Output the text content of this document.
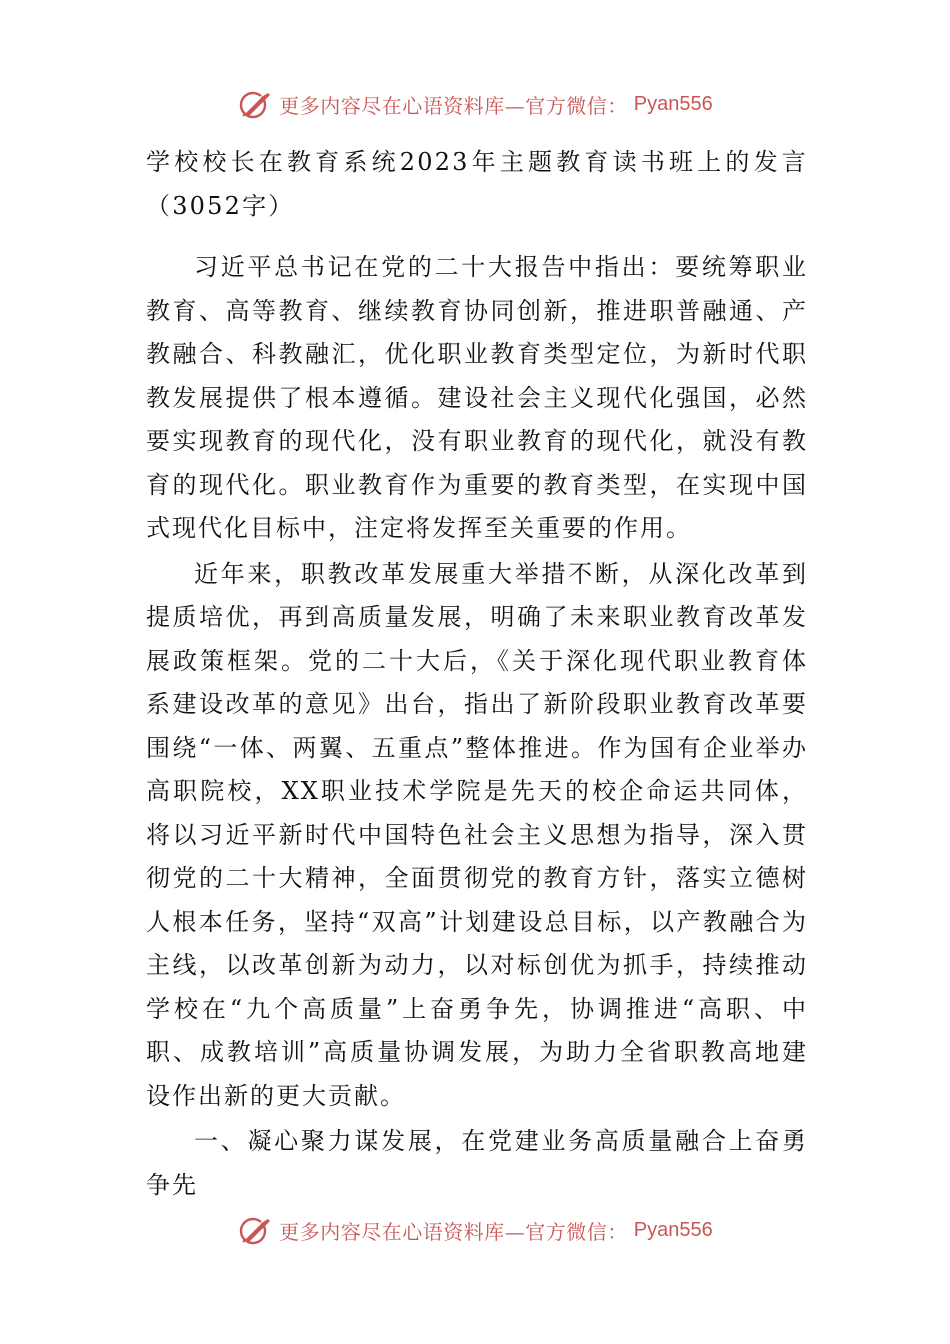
更多内容尽在心语资料库—官方微信： Pyan556

学校校长在教育系统2023年主题教育读书班上的发言（3052字）

习近平总书记在党的二十大报告中指出：要统筹职业教育、高等教育、继续教育协同创新，推进职普融通、产教融合、科教融汇，优化职业教育类型定位，为新时代职教发展提供了根本遵循。建设社会主义现代化强国，必然要实现教育的现代化，没有职业教育的现代化，就没有教育的现代化。职业教育作为重要的教育类型，在实现中国式现代化目标中，注定将发挥至关重要的作用。

近年来，职教改革发展重大举措不断，从深化改革到提质培优，再到高质量发展，明确了未来职业教育改革发展政策框架。党的二十大后，《关于深化现代职业教育体系建设改革的意见》出台，指出了新阶段职业教育改革要围绕“一体、两翼、五重点”整体推进。作为国有企业举办高职院校，XX职业技术学院是先天的校企命运共同体，将以习近平新时代中国特色社会主义思想为指导，深入贯彻党的二十大精神，全面贯彻党的教育方针，落实立德树人根本任务，坚持“双高”计划建设总目标，以产教融合为主线，以改革创新为动力，以对标创优为抓手，持续推动学校在“九个高质量”上奋勇争先，协调推进“高职、中职、成教培训”高质量协调发展，为助力全省职教高地建设作出新的更大贡献。

一、凝心聚力谋发展，在党建业务高质量融合上奋勇争先

更多内容尽在心语资料库—官方微信： Pyan556
